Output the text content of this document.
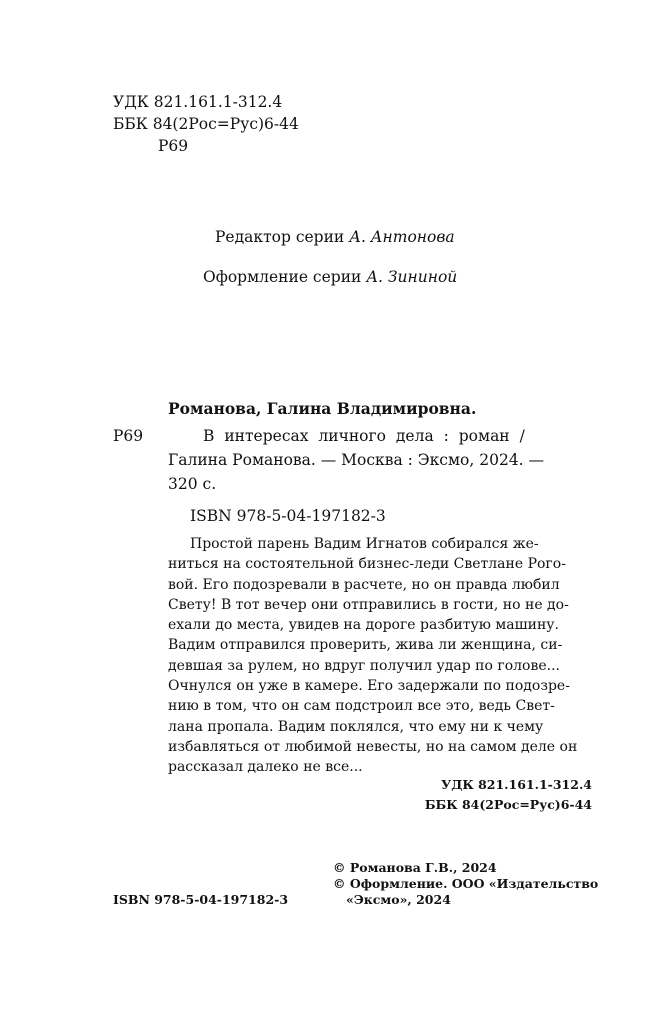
УДК 821.161.1-312.4
ББК 84(2Рос=Рус)6-44
Р69
Редактор серии А. Антонова
Оформление серии А. Зининой
Романова, Галина Владимировна.
Р69	В интересах личного дела : роман /
Галина Романова. — Москва : Эксмо, 2024. —
320 с.
ISBN 978-5-04-197182-3

Простой парень Вадим Игнатов собирался же-

ниться на состоятельной бизнес-леди Светлане Рого-

вой. Его подозревали в расчете, но он правда любил

Свету! В тот вечер они отправились в гости, но не до-

ехали до места, увидев на дороге разбитую машину.

Вадим отправился проверить, жива ли женщина, си-

девшая за рулем, но вдруг получил удар по голове...

Очнулся он уже в камере. Его задержали по подозре-

нию в том, что он сам подстроил все это, ведь Свет-

лана пропала. Вадим поклялся, что ему ни к чему

избавляться от любимой невесты, но на самом деле он

рассказал далеко не все...

УДК 821.161.1-312.4
ББК 84(2Рос=Рус)6-44
ISBN 978-5-04-197182-3
© Романова Г.В., 2024
© Оформление. ООО «Издательство
«Эксмо», 2024
